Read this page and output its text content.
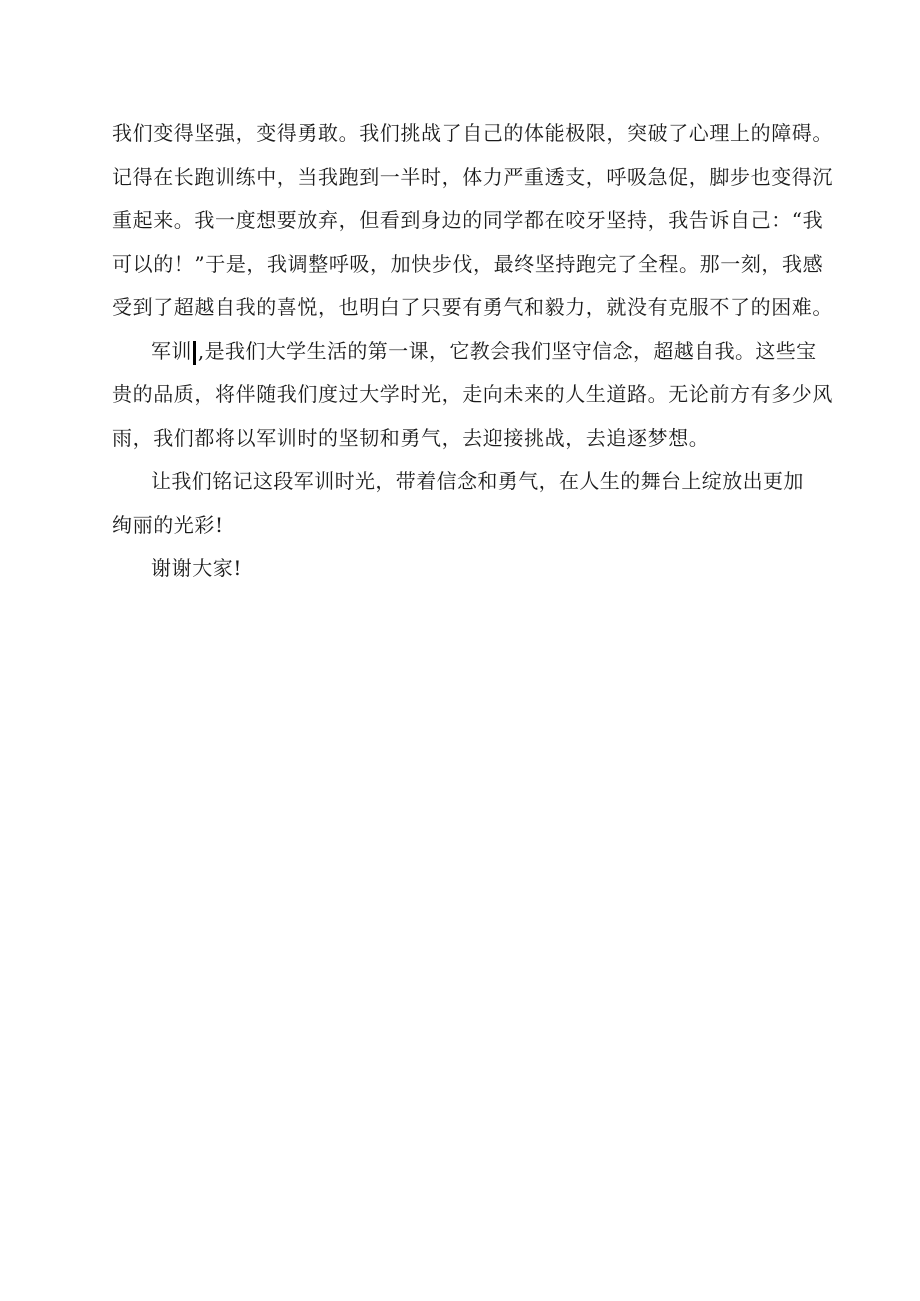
我们变得坚强，变得勇敢。我们挑战了自己的体能极限，突破了心理上的障碍。
记得在长跑训练中，当我跑到一半时，体力严重透支，呼吸急促，脚步也变得沉
重起来。我一度想要放弃，但看到身边的同学都在咬牙坚持，我告诉自己：“我
可以的！”于是，我调整呼吸，加快步伐，最终坚持跑完了全程。那一刻，我感
受到了超越自我的喜悦，也明白了只要有勇气和毅力，就没有克服不了的困难。
军训 ,是我们大学生活的第一课，它教会我们坚守信念，超越自我。这些宝
贵的品质，将伴随我们度过大学时光，走向未来的人生道路。无论前方有多少风
雨，我们都将以军训时的坚韧和勇气，去迎接挑战，去追逐梦想。
让我们铭记这段军训时光，带着信念和勇气，在人生的舞台上绽放出更加
绚丽的光彩!
谢谢大家!
